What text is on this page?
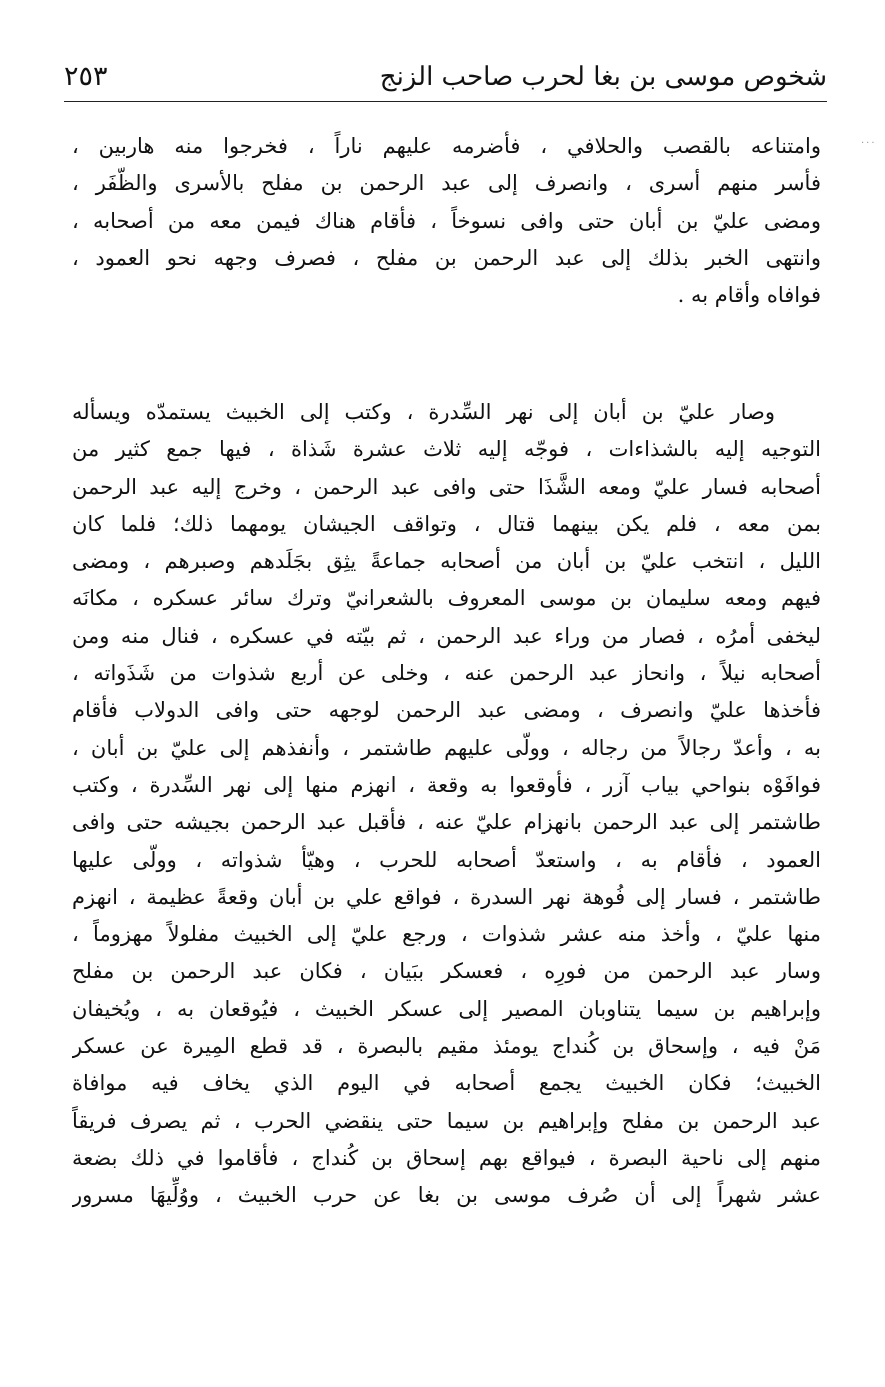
شخوص موسى بن بغا لحرب صاحب الزنج
٢٥٣
···
وامتناعه بالقصب والحلافي ، فأضرمه عليهم ناراً ، فخرجوا منه هاربين ،
فأسر منهم أسرى ، وانصرف إلى عبد الرحمن بن مفلح بالأسرى والظّفَر ،
ومضى عليّ بن أبان حتى وافى نسوخاً ، فأقام هناك فيمن معه من أصحابه ،
وانتهى الخبر بذلك إلى عبد الرحمن بن مفلح ، فصرف وجهه نحو العمود ،
فوافاه وأقام به .
وصار عليّ بن أبان إلى نهر السِّدرة ، وكتب إلى الخبيث يستمدّه ويسأله
التوجيه إليه بالشذاءات ، فوجّه إليه ثلاث عشرة شَذاة ، فيها جمع كثير من
أصحابه فسار عليّ ومعه الشَّذَا حتى وافى عبد الرحمن ، وخرج إليه عبد الرحمن
بمن معه ، فلم يكن بينهما قتال ، وتواقف الجيشان يومهما ذلك؛ فلما كان
الليل ، انتخب عليّ بن أبان من أصحابه جماعةً يثِق بجَلَدهم وصبرهم ، ومضى
فيهم ومعه سليمان بن موسى المعروف بالشعرانيّ وترك سائر عسكره ، مكانَه
ليخفى أمرُه ، فصار من وراء عبد الرحمن ، ثم بيّته في عسكره ، فنال منه ومن
أصحابه نيلاً ، وانحاز عبد الرحمن عنه ، وخلى عن أربع شذوات من شَذَواته ،
فأخذها عليّ وانصرف ، ومضى عبد الرحمن لوجهه حتى وافى الدولاب فأقام
به ، وأعدّ رجالاً من رجاله ، وولّى عليهم طاشتمر ، وأنفذهم إلى عليّ بن أبان ،
فوافَوْه بنواحي بياب آزر ، فأوقعوا به وقعة ، انهزم منها إلى نهر السِّدرة ، وكتب
طاشتمر إلى عبد الرحمن بانهزام عليّ عنه ، فأقبل عبد الرحمن بجيشه حتى وافى
العمود ، فأقام به ، واستعدّ أصحابه للحرب ، وهيّأ شذواته ، وولّى عليها
طاشتمر ، فسار إلى فُوهة نهر السدرة ، فواقع علي بن أبان وقعةً عظيمة ، انهزم
منها عليّ ، وأخذ منه عشر شذوات ، ورجع عليّ إلى الخبيث مفلولاً مهزوماً ،
وسار عبد الرحمن من فورِه ، فعسكر ببَيان ، فكان عبد الرحمن بن مفلح
وإبراهيم بن سيما يتناوبان المصير إلى عسكر الخبيث ، فيُوقعان به ، ويُخيفان
مَنْ فيه ، وإسحاق بن كُنداج يومئذ مقيم بالبصرة ، قد قطع المِيرة عن عسكر
الخبيث؛ فكان الخبيث يجمع أصحابه في اليوم الذي يخاف فيه موافاة
عبد الرحمن بن مفلح وإبراهيم بن سيما حتى ينقضي الحرب ، ثم يصرف فريقاً
منهم إلى ناحية البصرة ، فيواقع بهم إسحاق بن كُنداج ، فأقاموا في ذلك بضعة
عشر شهراً إلى أن صُرف موسى بن بغا عن حرب الخبيث ، ووُلِّيهَا مسرور
